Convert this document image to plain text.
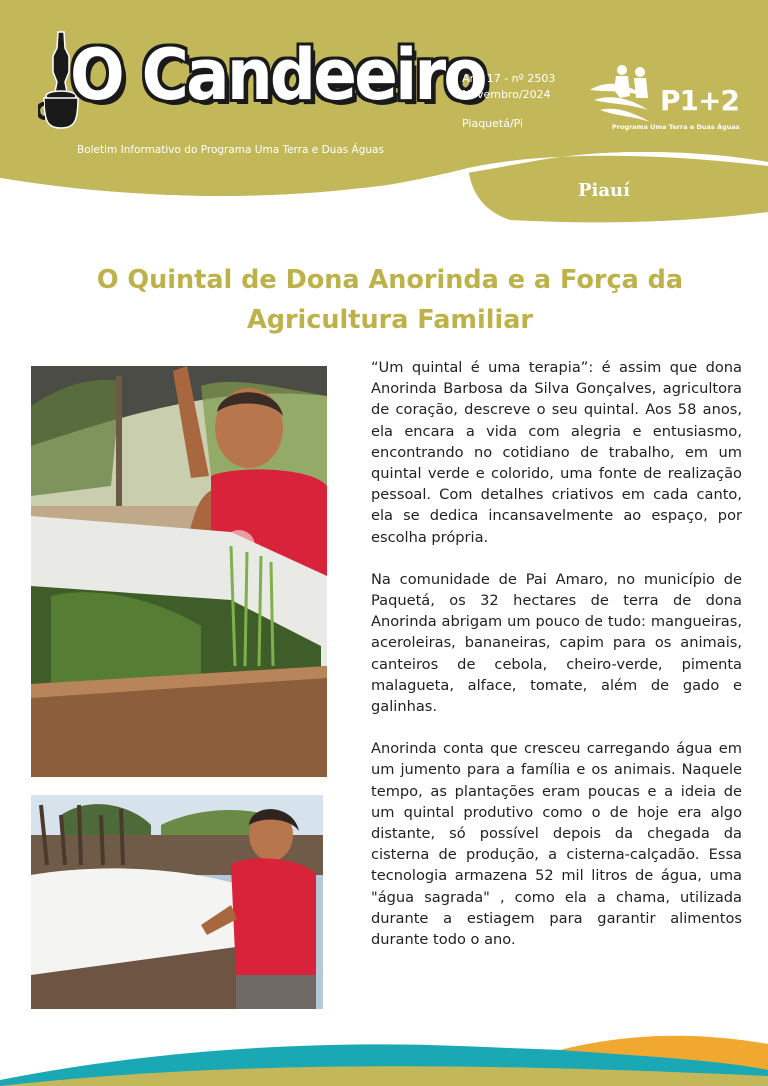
O Candeeiro
Boletim Informativo do Programa Uma Terra e Duas Águas
Ano 17 - nº 2503
Novembro/2024
Piaquetá/Pi
P1+2
Programa Uma Terra e Duas Águas
Piauí
O Quintal de Dona Anorinda e a Força da Agricultura Familiar

“Um quintal é uma terapia”: é assim que dona Anorinda Barbosa da Silva Gonçalves, agricultora de coração, descreve o seu quintal. Aos 58 anos, ela encara a vida com alegria e entusiasmo, encontrando no cotidiano de trabalho, em um quintal verde e colorido, uma fonte de realização pessoal. Com detalhes criativos em cada canto, ela se dedica incansavelmente ao espaço, por escolha própria.

Na comunidade de Pai Amaro, no município de Paquetá, os 32 hectares de terra de dona Anorinda abrigam um pouco de tudo: mangueiras, aceroleiras, bananeiras, capim para os animais, canteiros de cebola, cheiro-verde, pimenta malagueta, alface, tomate, além de gado e galinhas.

Anorinda conta que cresceu carregando água em um jumento para a família e os animais. Naquele tempo, as plantações eram poucas e a ideia de um quintal produtivo como o de hoje era algo distante, só possível depois da chegada da cisterna de produção, a cisterna-calçadão. Essa tecnologia armazena 52 mil litros de água, uma "água sagrada" , como ela a chama, utilizada durante a estiagem para garantir alimentos durante todo o ano.
